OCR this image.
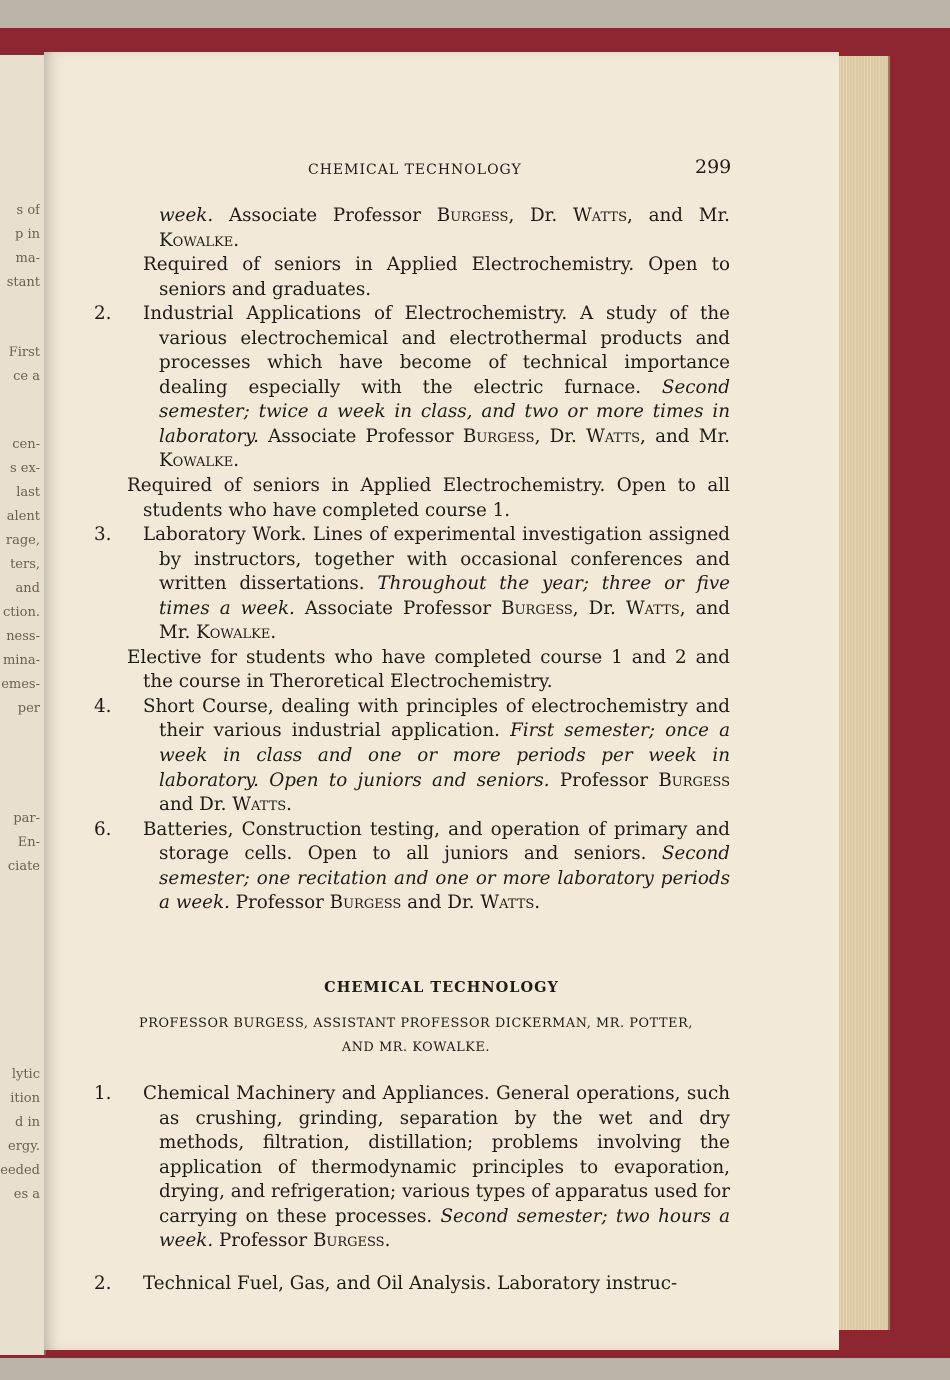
s of
p in
ma-
stant
First
ce a
cen-
s ex-
last
alent
rage,
ters,
and
ction.
ness-
mina-
emes-
per
par-
En-
ciate
lytic
ition
d in
ergy.
eeded
es a
CHEMICAL TECHNOLOGY	299

week. Associate Professor Burgess, Dr. Watts, and Mr. Kowalke.

Required of seniors in Applied Electrochemistry. Open to seniors and graduates.

2. Industrial Applications of Electrochemistry. A study of the various electrochemical and electrothermal products and processes which have become of technical importance dealing especially with the electric furnace. Second semester; twice a week in class, and two or more times in laboratory. Associate Professor Burgess, Dr. Watts, and Mr. Kowalke.

Required of seniors in Applied Electrochemistry. Open to all students who have completed course 1.

3. Laboratory Work. Lines of experimental investigation assigned by instructors, together with occasional conferences and written dissertations. Throughout the year; three or five times a week. Associate Professor Burgess, Dr. Watts, and Mr. Kowalke.

Elective for students who have completed course 1 and 2 and the course in Theroretical Electrochemistry.

4. Short Course, dealing with principles of electrochemistry and their various industrial application. First semester; once a week in class and one or more periods per week in laboratory. Open to juniors and seniors. Professor Burgess and Dr. Watts.

6. Batteries, Construction testing, and operation of primary and storage cells. Open to all juniors and seniors. Second semester; one recitation and one or more laboratory periods a week. Professor Burgess and Dr. Watts.

CHEMICAL TECHNOLOGY
PROFESSOR BURGESS, ASSISTANT PROFESSOR DICKERMAN, MR. POTTER,
AND MR. KOWALKE.

1. Chemical Machinery and Appliances. General operations, such as crushing, grinding, separation by the wet and dry methods, filtration, distillation; problems involving the application of thermodynamic principles to evaporation, drying, and refrigeration; various types of apparatus used for carrying on these processes. Second semester; two hours a week. Professor Burgess.

2. Technical Fuel, Gas, and Oil Analysis. Laboratory instruc-
